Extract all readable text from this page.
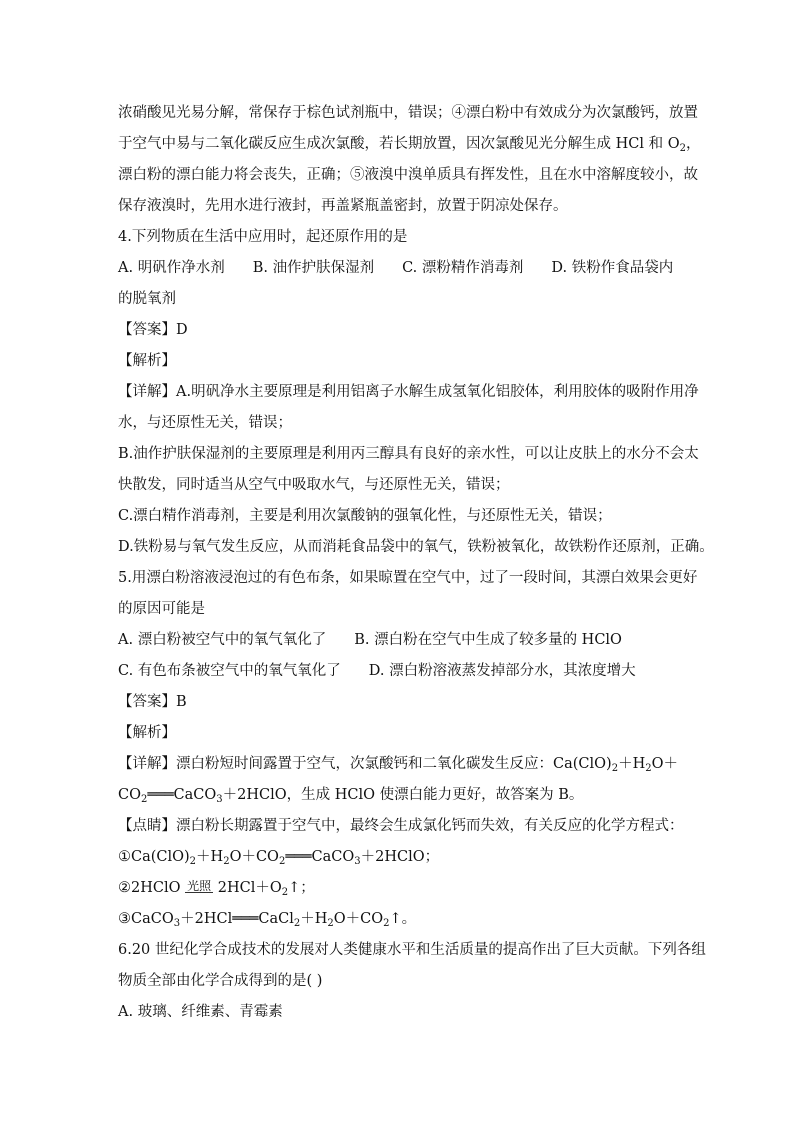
浓硝酸见光易分解，常保存于棕色试剂瓶中，错误；④漂白粉中有效成分为次氯酸钙，放置
于空气中易与二氧化碳反应生成次氯酸，若长期放置，因次氯酸见光分解生成 HCl 和 $O_2$，
漂白粉的漂白能力将会丧失，正确；⑤液溴中溴单质具有挥发性，且在水中溶解度较小，故
保存液溴时，先用水进行液封，再盖紧瓶盖密封，放置于阴凉处保存。
4.下列物质在生活中应用时，起还原作用的是
A. 明矾作净水剂 B. 油作护肤保湿剂 C. 漂粉精作消毒剂 D. 铁粉作食品袋内
的脱氧剂
【答案】D
【解析】
【详解】A.明矾净水主要原理是利用铝离子水解生成氢氧化铝胶体，利用胶体的吸附作用净
水，与还原性无关，错误；
B.油作护肤保湿剂的主要原理是利用丙三醇具有良好的亲水性，可以让皮肤上的水分不会太
快散发，同时适当从空气中吸取水气，与还原性无关，错误；
C.漂白精作消毒剂，主要是利用次氯酸钠的强氧化性，与还原性无关，错误；
D.铁粉易与氧气发生反应，从而消耗食品袋中的氧气，铁粉被氧化，故铁粉作还原剂，正确。
5.用漂白粉溶液浸泡过的有色布条，如果晾置在空气中，过了一段时间，其漂白效果会更好
的原因可能是
A. 漂白粉被空气中的氧气氧化了 B. 漂白粉在空气中生成了较多量的 HClO
C. 有色布条被空气中的氧气氧化了 D. 漂白粉溶液蒸发掉部分水，其浓度增大
【答案】B
【解析】
【详解】漂白粉短时间露置于空气，次氯酸钙和二氧化碳发生反应：$Ca(ClO)_2+H_2O+$
$CO_2═══CaCO_3+2HClO$，生成 HClO 使漂白能力更好，故答案为 B。
【点睛】漂白粉长期露置于空气中，最终会生成氯化钙而失效，有关反应的化学方程式：
$①Ca(ClO)_2+H_2O+CO_2═══CaCO_3+2HClO$；
②2HClO 光照 $2HCl+O_2↑$；
$③CaCO_3+2HCl═══CaCl_2+H_2O+CO_2↑$。
6.20 世纪化学合成技术的发展对人类健康水平和生活质量的提高作出了巨大贡献。下列各组
物质全部由化学合成得到的是( )
A. 玻璃、纤维素、青霉素
